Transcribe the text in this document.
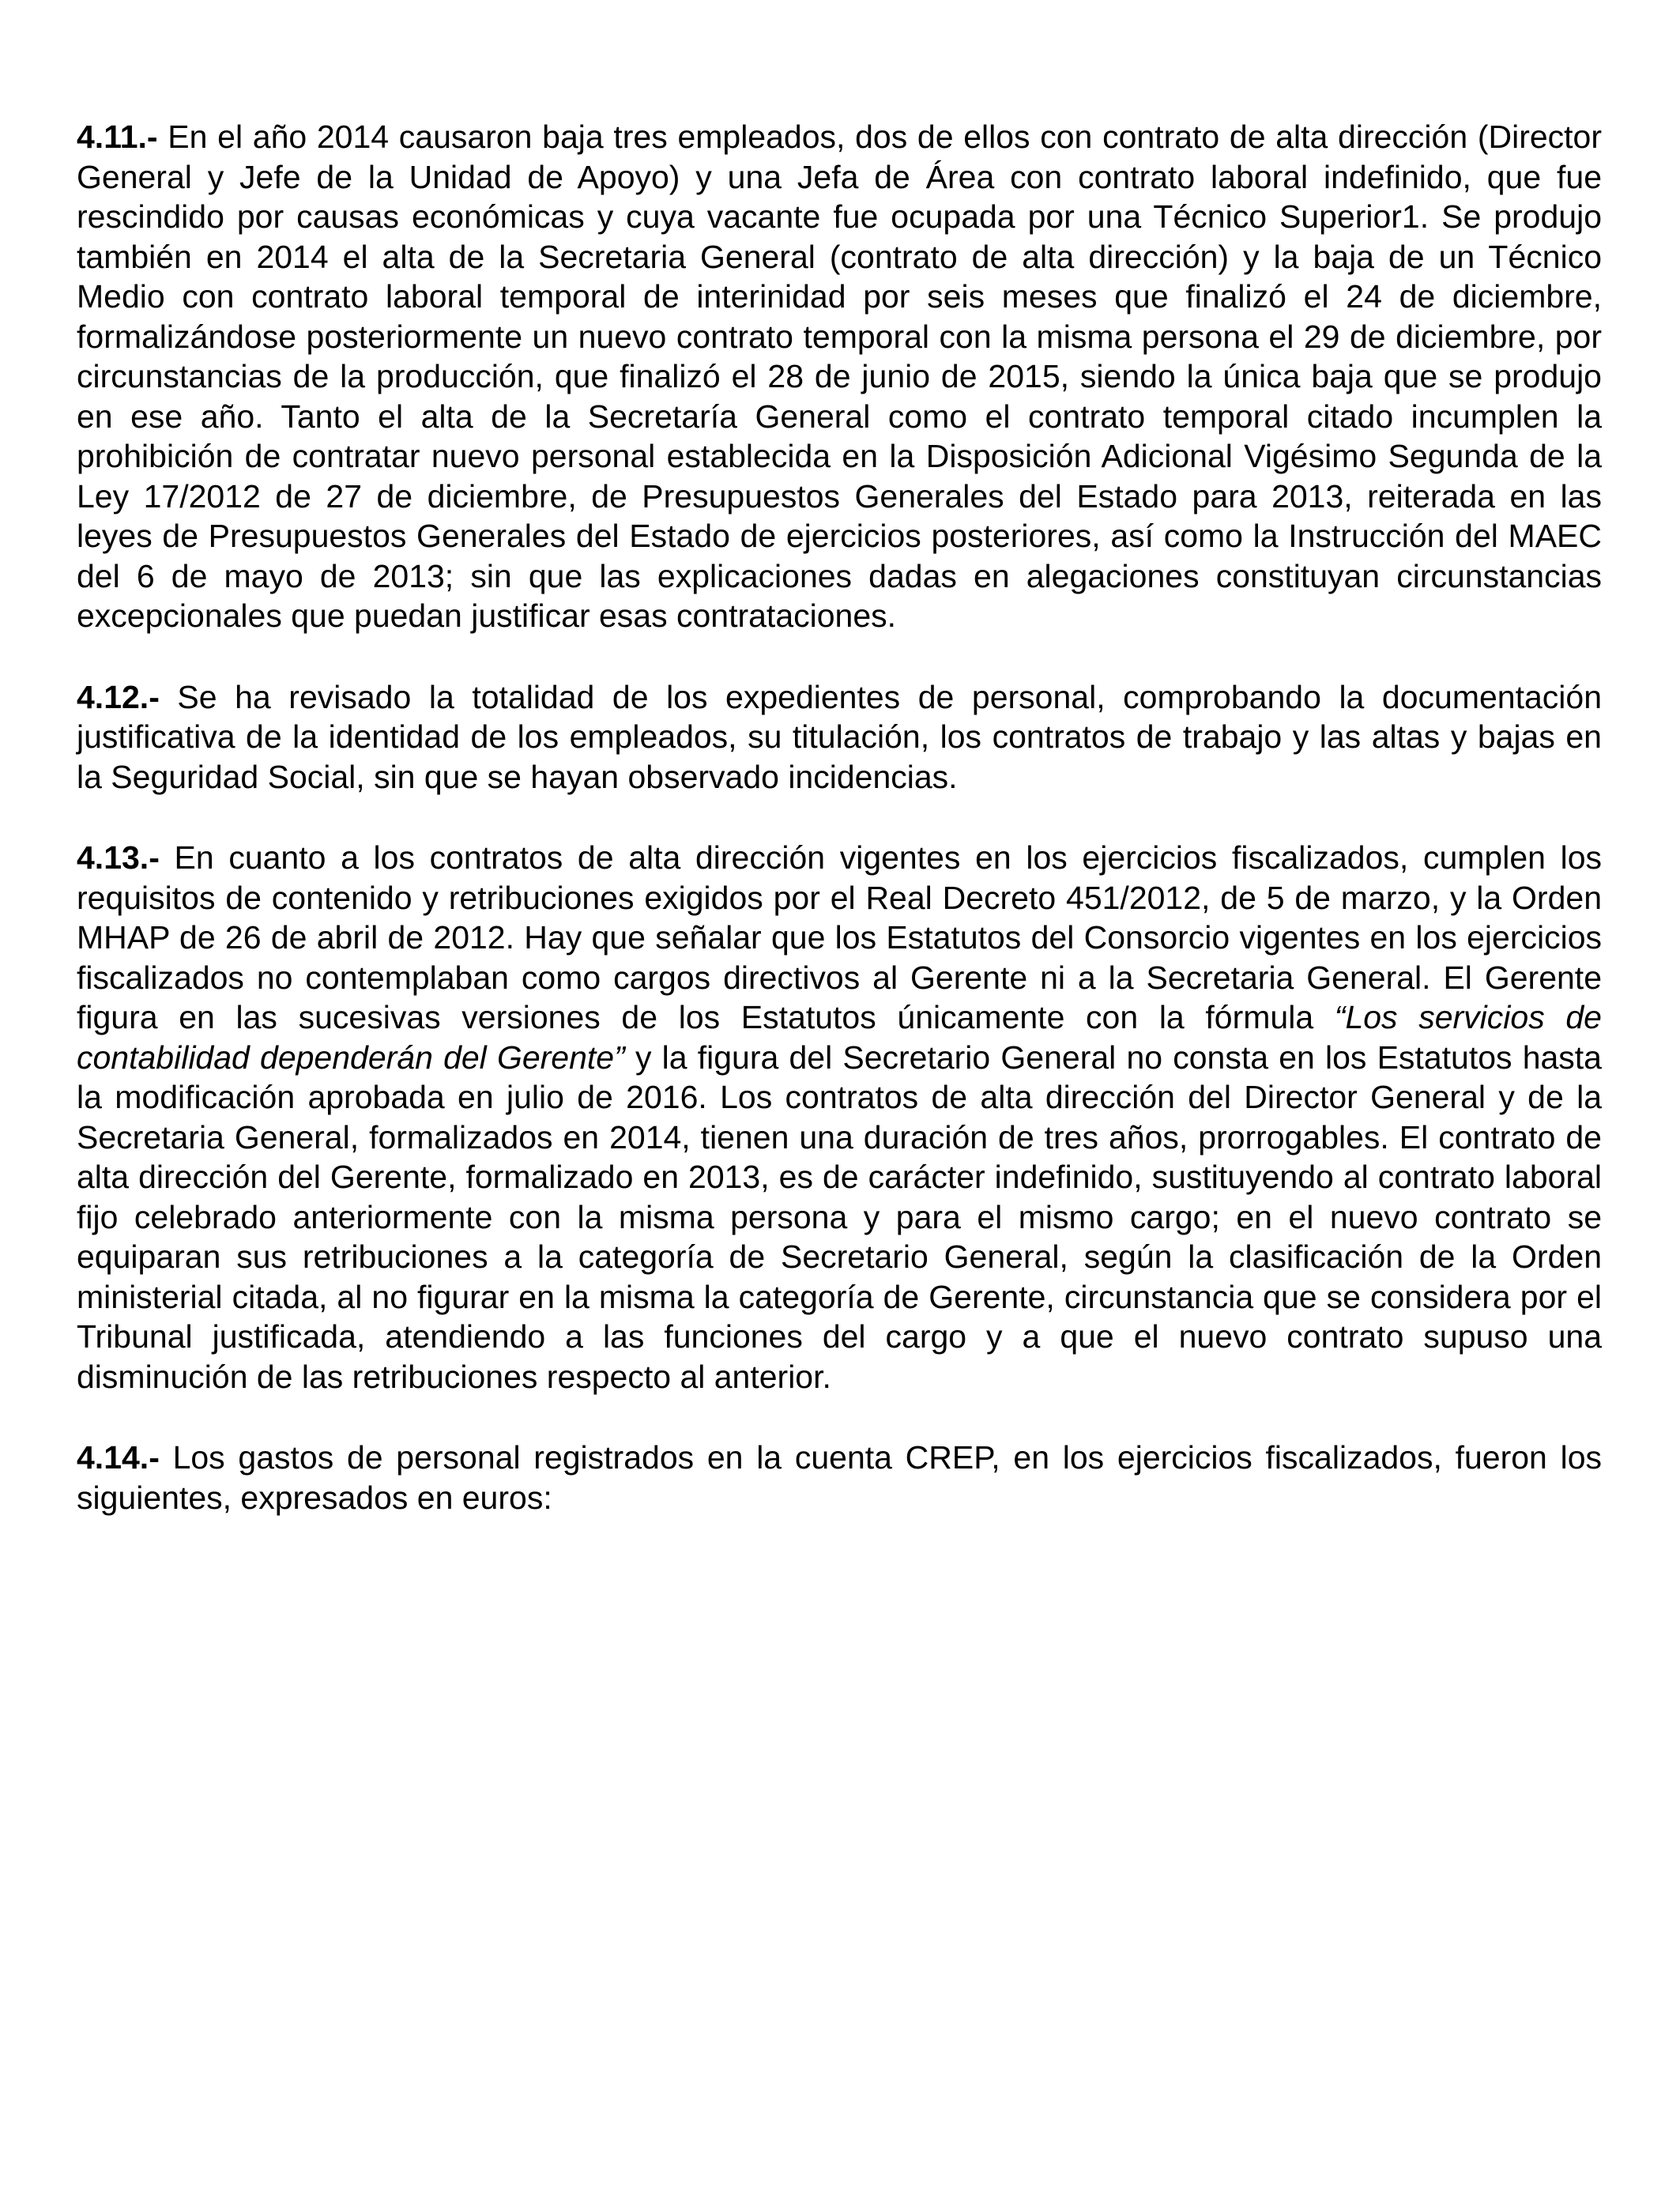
4.11.- En el año 2014 causaron baja tres empleados, dos de ellos con contrato de alta dirección (Director General y Jefe de la Unidad de Apoyo) y una Jefa de Área con contrato laboral indefinido, que fue rescindido por causas económicas y cuya vacante fue ocupada por una Técnico Superior1. Se produjo también en 2014 el alta de la Secretaria General (contrato de alta dirección) y la baja de un Técnico Medio con contrato laboral temporal de interinidad por seis meses que finalizó el 24 de diciembre, formalizándose posteriormente un nuevo contrato temporal con la misma persona el 29 de diciembre, por circunstancias de la producción, que finalizó el 28 de junio de 2015, siendo la única baja que se produjo en ese año. Tanto el alta de la Secretaría General como el contrato temporal citado incumplen la prohibición de contratar nuevo personal establecida en la Disposición Adicional Vigésimo Segunda de la Ley 17/2012 de 27 de diciembre, de Presupuestos Generales del Estado para 2013, reiterada en las leyes de Presupuestos Generales del Estado de ejercicios posteriores, así como la Instrucción del MAEC del 6 de mayo de 2013; sin que las explicaciones dadas en alegaciones constituyan circunstancias excepcionales que puedan justificar esas contrataciones.

4.12.- Se ha revisado la totalidad de los expedientes de personal, comprobando la documentación justificativa de la identidad de los empleados, su titulación, los contratos de trabajo y las altas y bajas en la Seguridad Social, sin que se hayan observado incidencias.

4.13.- En cuanto a los contratos de alta dirección vigentes en los ejercicios fiscalizados, cumplen los requisitos de contenido y retribuciones exigidos por el Real Decreto 451/2012, de 5 de marzo, y la Orden MHAP de 26 de abril de 2012. Hay que señalar que los Estatutos del Consorcio vigentes en los ejercicios fiscalizados no contemplaban como cargos directivos al Gerente ni a la Secretaria General. El Gerente figura en las sucesivas versiones de los Estatutos únicamente con la fórmula “Los servicios de contabilidad dependerán del Gerente” y la figura del Secretario General no consta en los Estatutos hasta la modificación aprobada en julio de 2016. Los contratos de alta dirección del Director General y de la Secretaria General, formalizados en 2014, tienen una duración de tres años, prorrogables. El contrato de alta dirección del Gerente, formalizado en 2013, es de carácter indefinido, sustituyendo al contrato laboral fijo celebrado anteriormente con la misma persona y para el mismo cargo; en el nuevo contrato se equiparan sus retribuciones a la categoría de Secretario General, según la clasificación de la Orden ministerial citada, al no figurar en la misma la categoría de Gerente, circunstancia que se considera por el Tribunal justificada, atendiendo a las funciones del cargo y a que el nuevo contrato supuso una disminución de las retribuciones respecto al anterior.

4.14.- Los gastos de personal registrados en la cuenta CREP, en los ejercicios fiscalizados, fueron los siguientes, expresados en euros:
